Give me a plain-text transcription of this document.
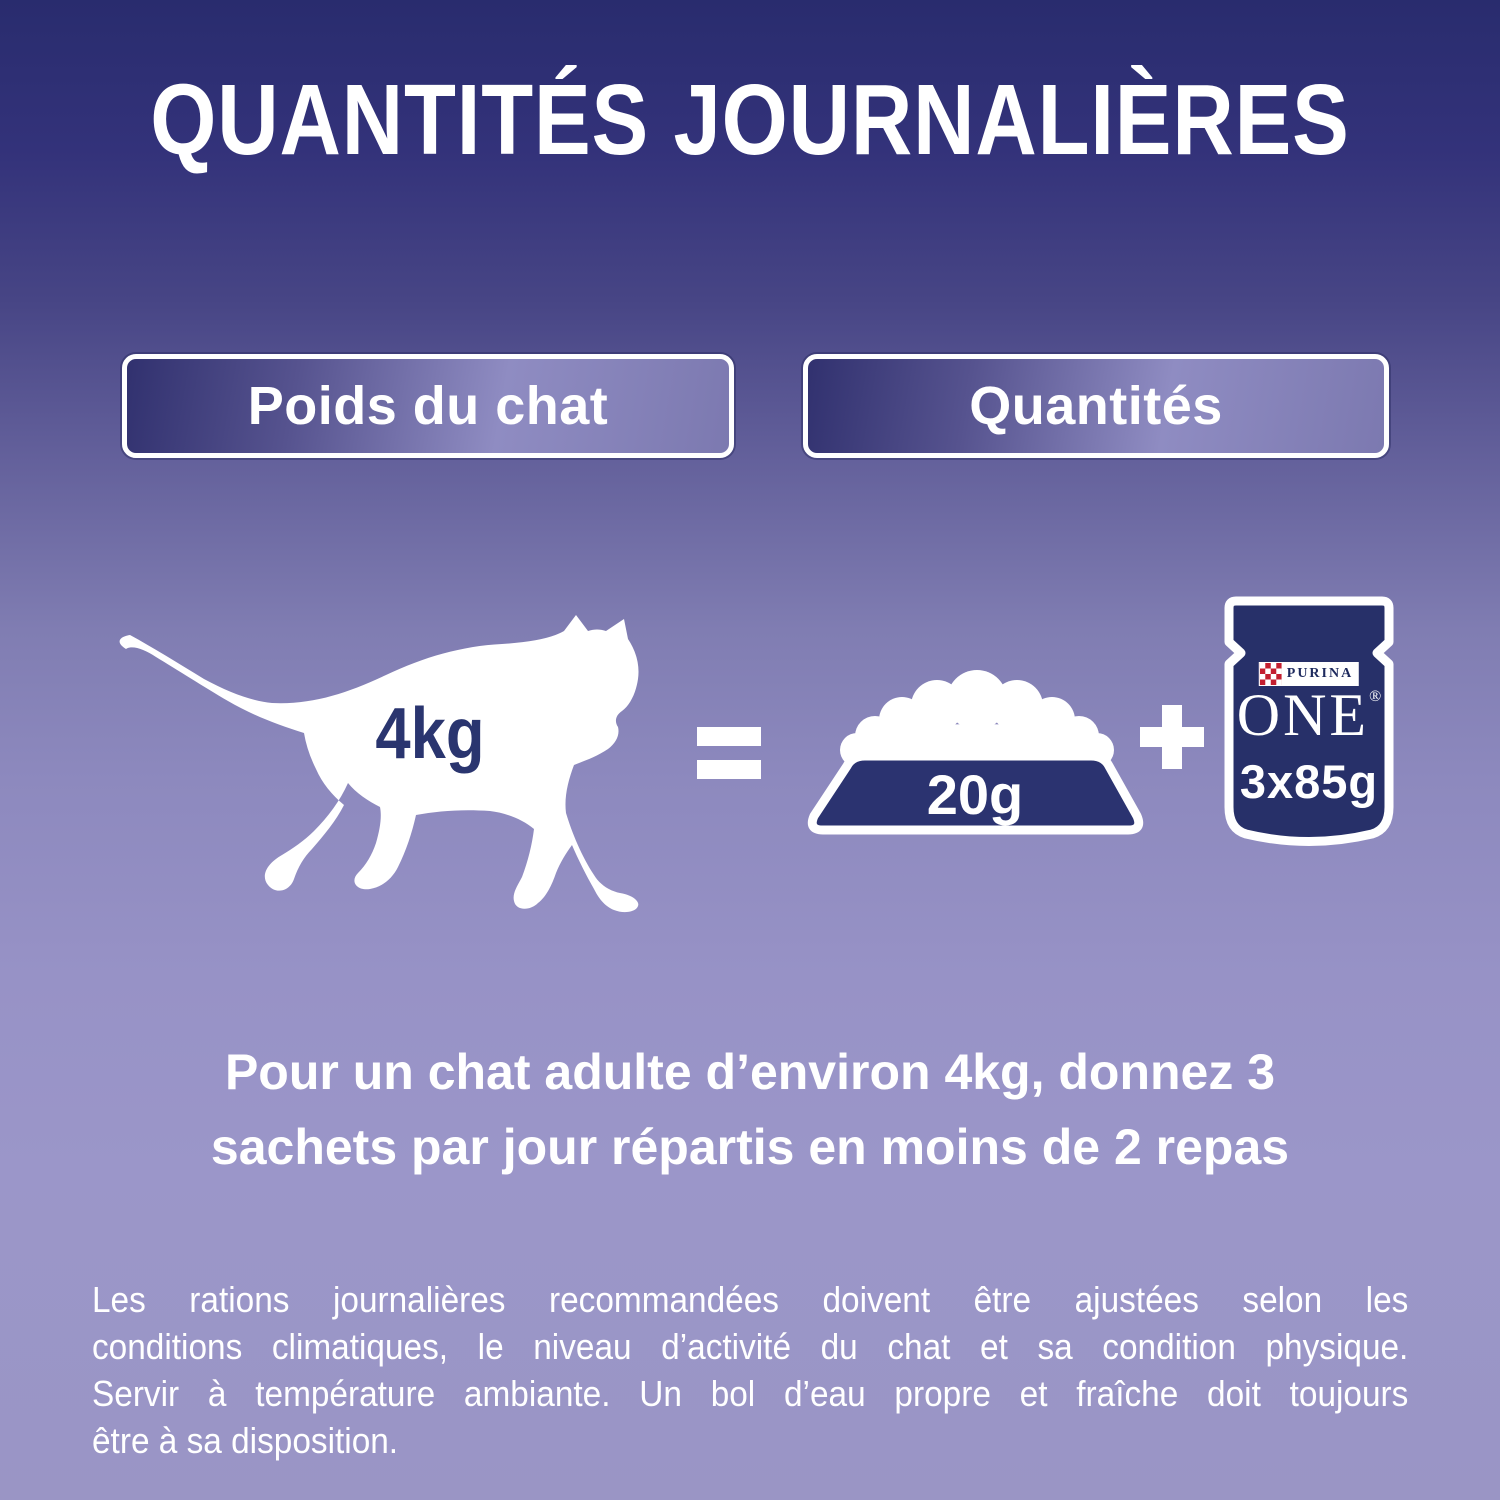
QUANTITÉS JOURNALIÈRES
Poids du chat	Quantités
4kg
20g
PURINA
ONE®
3x85g
Pour un chat adulte d’environ 4kg, donnez 3
sachets par jour répartis en moins de 2 repas
Les rations journalières recommandées doivent être ajustées selon les
conditions climatiques, le niveau d’activité du chat et sa condition physique.
Servir à température ambiante. Un bol d’eau propre et fraîche doit toujours
être à sa disposition.
